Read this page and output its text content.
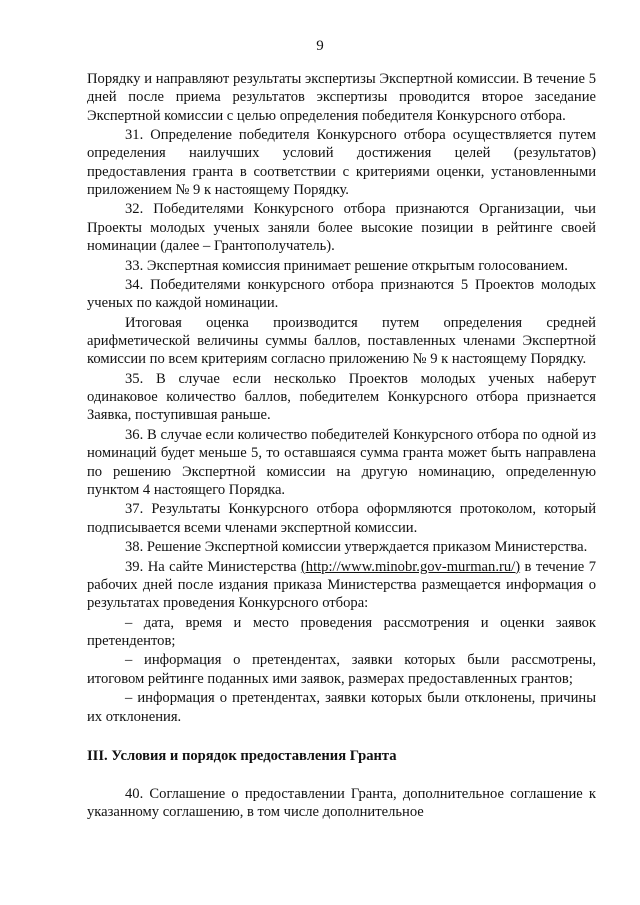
9

Порядку и направляют результаты экспертизы Экспертной комиссии. В течение 5 дней после приема результатов экспертизы проводится второе заседание Экспертной комиссии с целью определения победителя Конкурсного отбора.

31. Определение победителя Конкурсного отбора осуществляется путем определения наилучших условий достижения целей (результатов) предоставления гранта в соответствии с критериями оценки, установленными приложением № 9 к настоящему Порядку.

32. Победителями Конкурсного отбора признаются Организации, чьи Проекты молодых ученых заняли более высокие позиции в рейтинге своей номинации (далее – Грантополучатель).

33. Экспертная комиссия принимает решение открытым голосованием.

34. Победителями конкурсного отбора признаются 5 Проектов молодых ученых по каждой номинации.

Итоговая оценка производится путем определения средней арифметической величины суммы баллов, поставленных членами Экспертной комиссии по всем критериям согласно приложению № 9 к настоящему Порядку.

35. В случае если несколько Проектов молодых ученых наберут одинаковое количество баллов, победителем Конкурсного отбора признается Заявка, поступившая раньше.

36. В случае если количество победителей Конкурсного отбора по одной из номинаций будет меньше 5, то оставшаяся сумма гранта может быть направлена по решению Экспертной комиссии на другую номинацию, определенную пунктом 4 настоящего Порядка.

37. Результаты Конкурсного отбора оформляются протоколом, который подписывается всеми членами экспертной комиссии.

38. Решение Экспертной комиссии утверждается приказом Министерства.

39. На сайте Министерства (http://www.minobr.gov-murman.ru/) в течение 7 рабочих дней после издания приказа Министерства размещается информация о результатах проведения Конкурсного отбора:

– дата, время и место проведения рассмотрения и оценки заявок претендентов;

– информация о претендентах, заявки которых были рассмотрены, итоговом рейтинге поданных ими заявок, размерах предоставленных грантов;

– информация о претендентах, заявки которых были отклонены, причины их отклонения.

III. Условия и порядок предоставления Гранта

40. Соглашение о предоставлении Гранта, дополнительное соглашение к указанному соглашению, в том числе дополнительное
